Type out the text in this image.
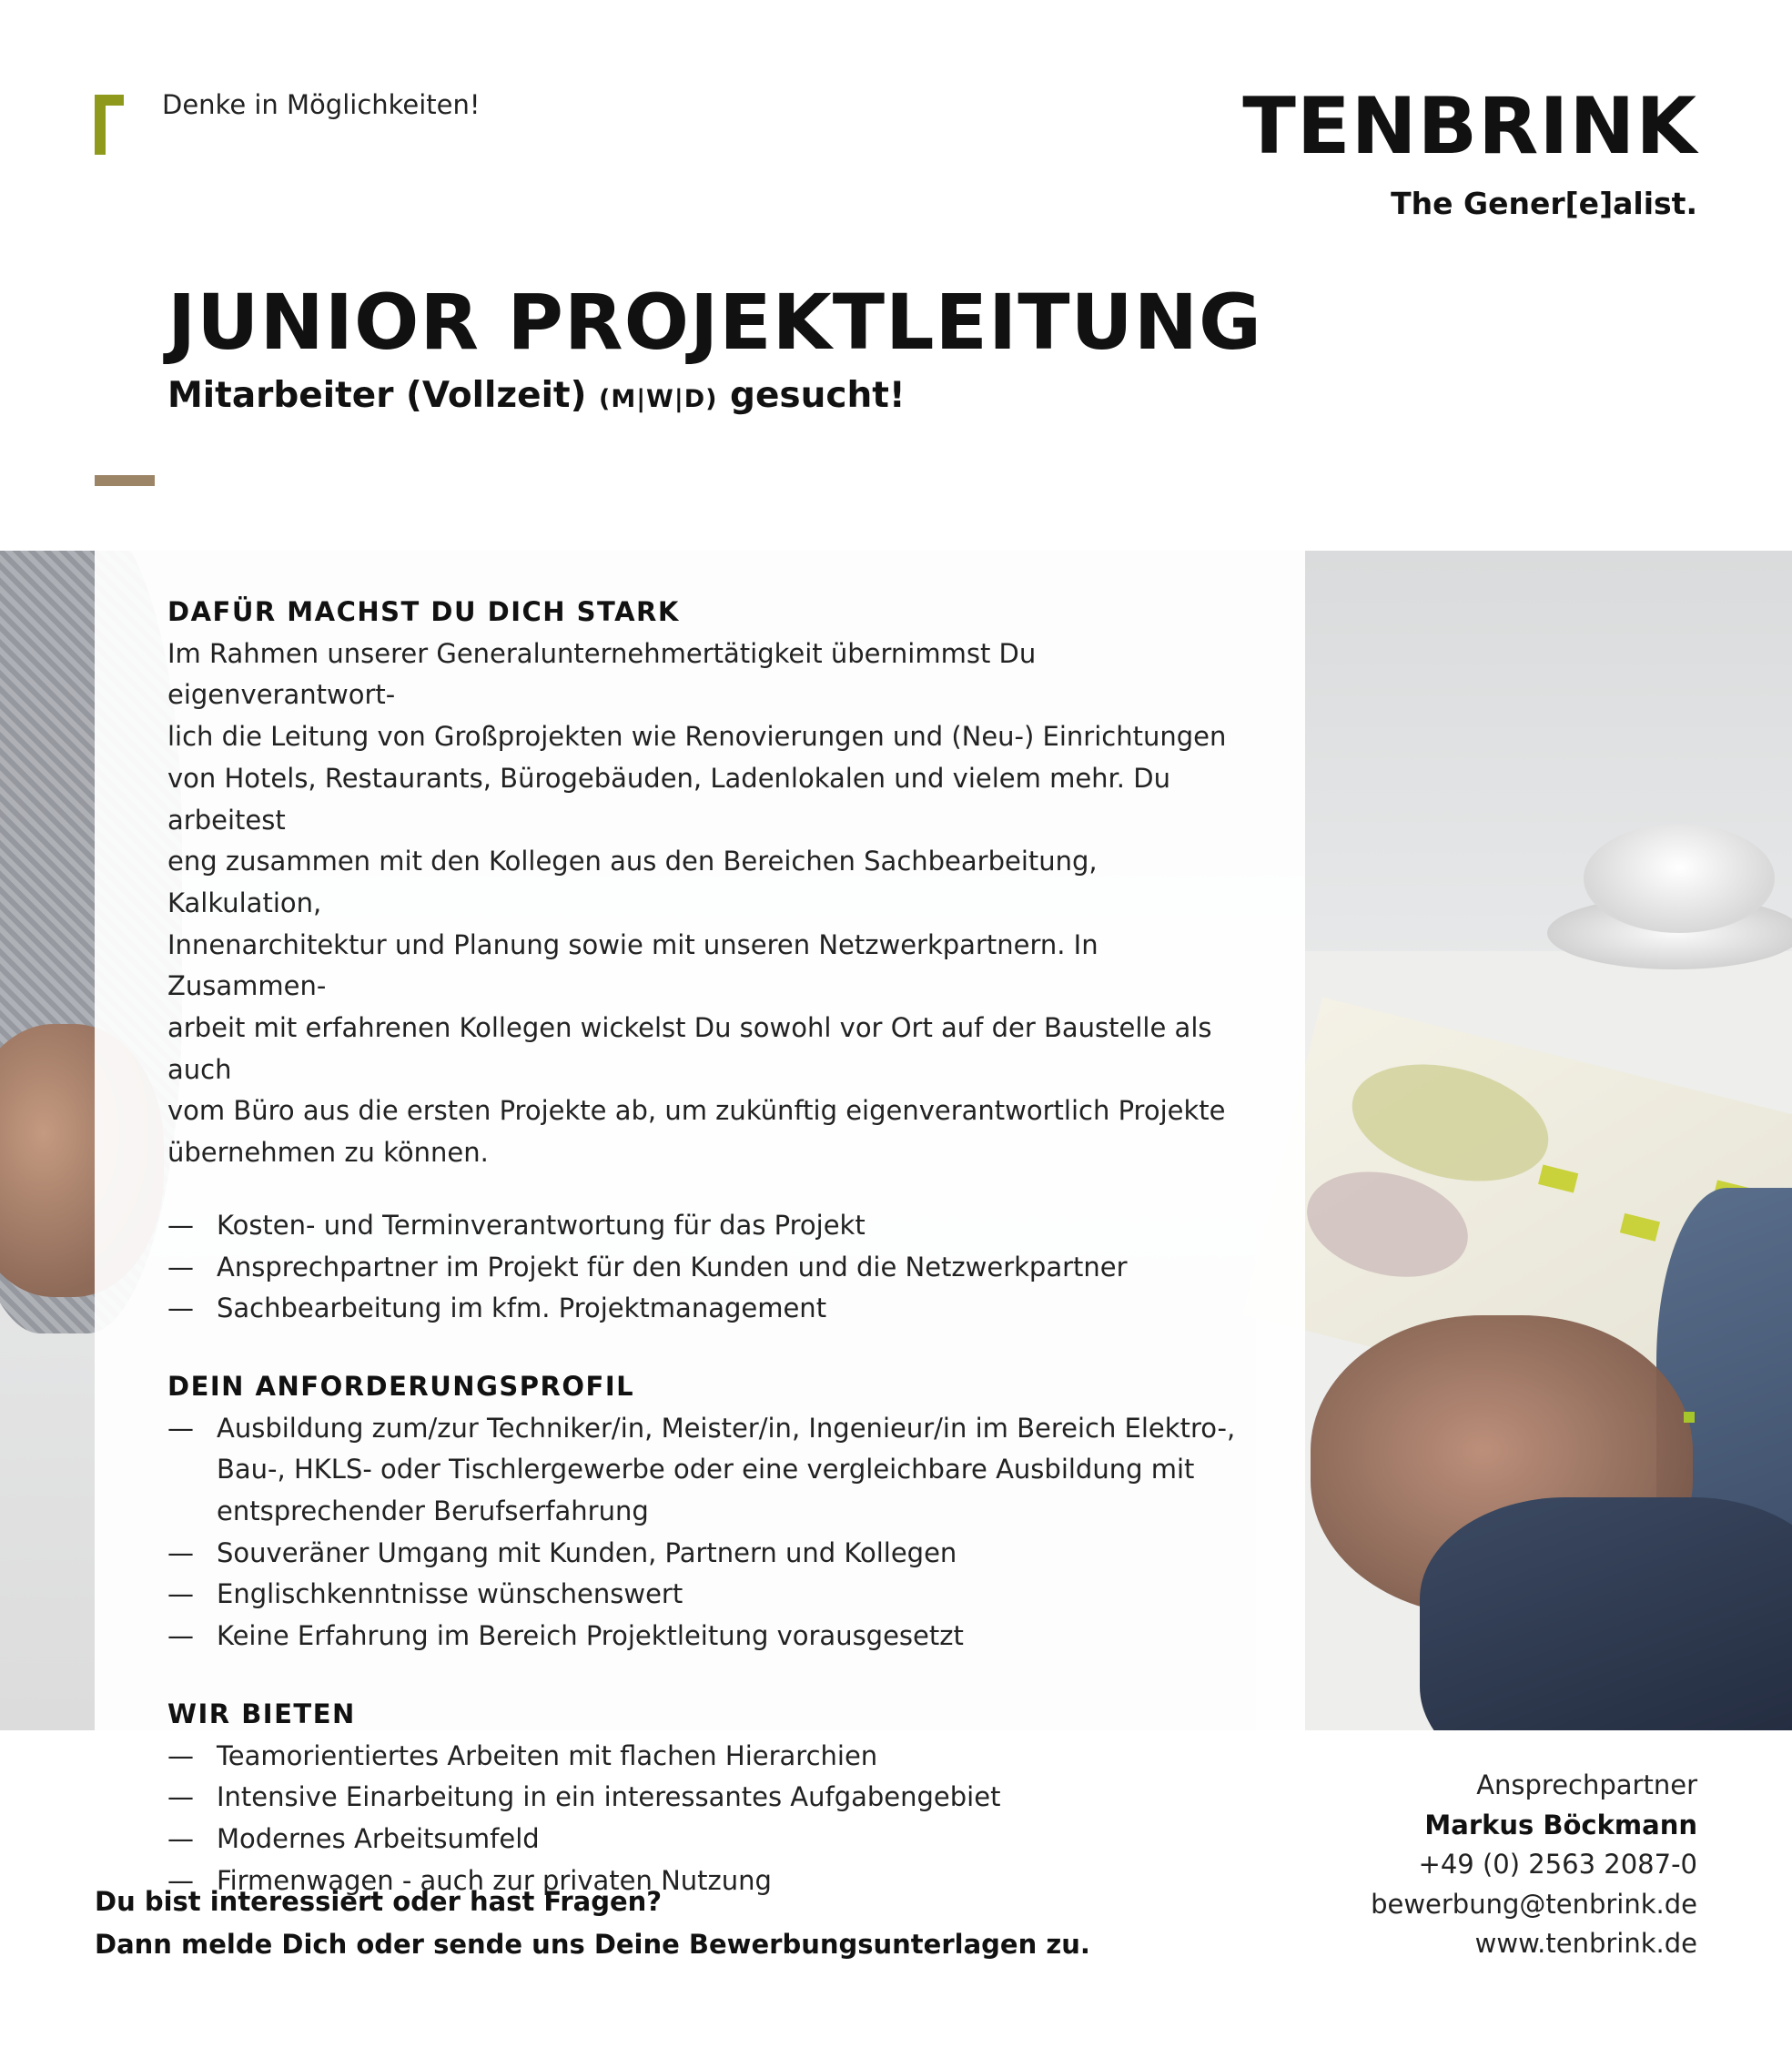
Denke in Möglichkeiten!	TENBRINK
The Gener[e]alist.
JUNIOR PROJEKTLEITUNG
Mitarbeiter (Vollzeit) (M|W|D) gesucht!
DAFÜR MACHST DU DICH STARK

Im Rahmen unserer Generalunternehmertätigkeit übernimmst Du eigenverantwort-
lich die Leitung von Großprojekten wie Renovierungen und (Neu-) Einrichtungen
von Hotels, Restaurants, Bürogebäuden, Ladenlokalen und vielem mehr. Du arbeitest
eng zusammen mit den Kollegen aus den Bereichen Sachbearbeitung, Kalkulation,
Innenarchitektur und Planung sowie mit unseren Netzwerkpartnern. In Zusammen-
arbeit mit erfahrenen Kollegen wickelst Du sowohl vor Ort auf der Baustelle als auch
vom Büro aus die ersten Projekte ab, um zukünftig eigenverantwortlich Projekte
übernehmen zu können.

— Kosten- und Terminverantwortung für das Projekt
— Ansprechpartner im Projekt für den Kunden und die Netzwerkpartner
— Sachbearbeitung im kfm. Projektmanagement
DEIN ANFORDERUNGSPROFIL
— Ausbildung zum/zur Techniker/in, Meister/in, Ingenieur/in im Bereich Elektro-,
Bau-, HKLS- oder Tischlergewerbe oder eine vergleichbare Ausbildung mit
entsprechender Berufserfahrung
— Souveräner Umgang mit Kunden, Partnern und Kollegen
— Englischkenntnisse wünschenswert
— Keine Erfahrung im Bereich Projektleitung vorausgesetzt
WIR BIETEN
— Teamorientiertes Arbeiten mit flachen Hierarchien
— Intensive Einarbeitung in ein interessantes Aufgabengebiet
— Modernes Arbeitsumfeld
— Firmenwagen - auch zur privaten Nutzung
Du bist interessiert oder hast Fragen?
Dann melde Dich oder sende uns Deine Bewerbungsunterlagen zu.
Ansprechpartner
Markus Böckmann
+49 (0) 2563 2087-0
bewerbung@tenbrink.de
www.tenbrink.de
